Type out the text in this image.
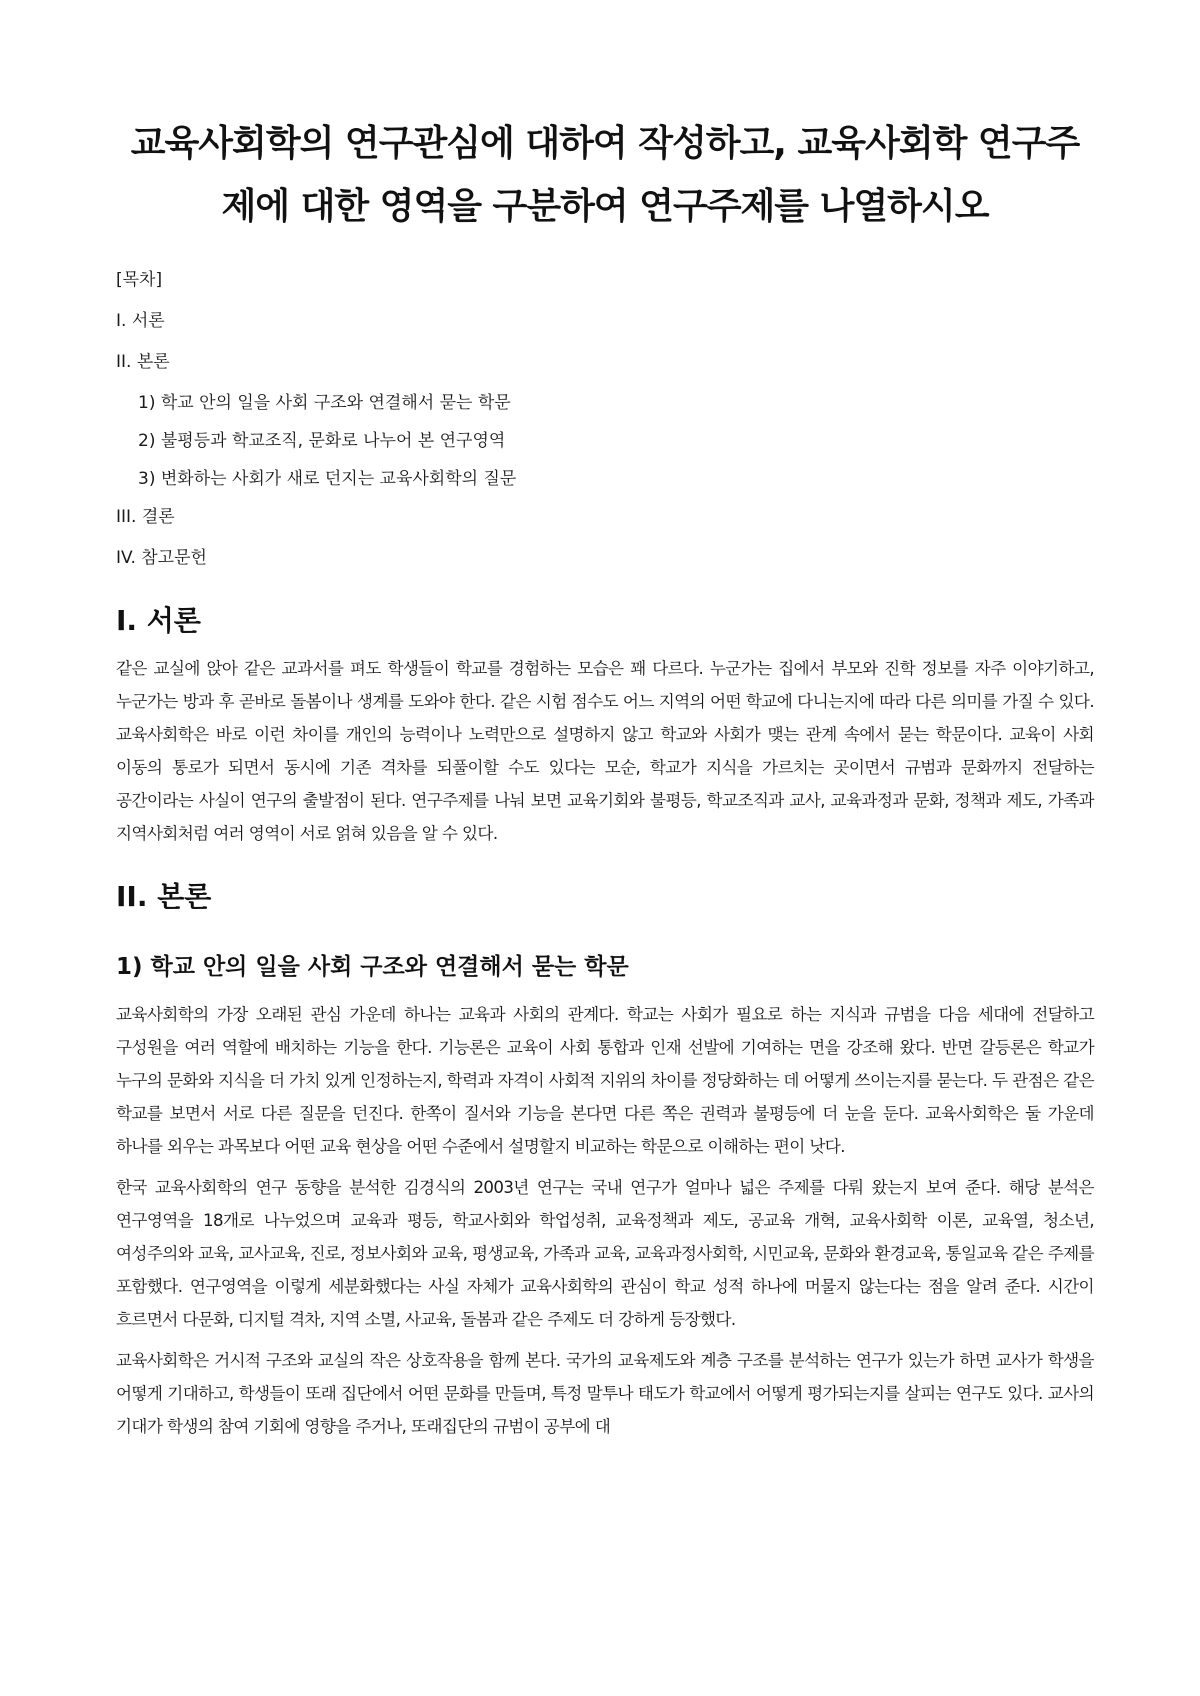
교육사회학의 연구관심에 대하여 작성하고, 교육사회학 연구주제에 대한 영역을 구분하여 연구주제를 나열하시오
[목차]
I. 서론
II. 본론
1) 학교 안의 일을 사회 구조와 연결해서 묻는 학문
2) 불평등과 학교조직, 문화로 나누어 본 연구영역
3) 변화하는 사회가 새로 던지는 교육사회학의 질문
III. 결론
IV. 참고문헌
I. 서론

같은 교실에 앉아 같은 교과서를 펴도 학생들이 학교를 경험하는 모습은 꽤 다르다. 누군가는 집에서 부모와 진학 정보를 자주 이야기하고, 누군가는 방과 후 곧바로 돌봄이나 생계를 도와야 한다. 같은 시험 점수도 어느 지역의 어떤 학교에 다니는지에 따라 다른 의미를 가질 수 있다. 교육사회학은 바로 이런 차이를 개인의 능력이나 노력만으로 설명하지 않고 학교와 사회가 맺는 관계 속에서 묻는 학문이다. 교육이 사회 이동의 통로가 되면서 동시에 기존 격차를 되풀이할 수도 있다는 모순, 학교가 지식을 가르치는 곳이면서 규범과 문화까지 전달하는 공간이라는 사실이 연구의 출발점이 된다. 연구주제를 나눠 보면 교육기회와 불평등, 학교조직과 교사, 교육과정과 문화, 정책과 제도, 가족과 지역사회처럼 여러 영역이 서로 얽혀 있음을 알 수 있다.

II. 본론
1) 학교 안의 일을 사회 구조와 연결해서 묻는 학문

교육사회학의 가장 오래된 관심 가운데 하나는 교육과 사회의 관계다. 학교는 사회가 필요로 하는 지식과 규범을 다음 세대에 전달하고 구성원을 여러 역할에 배치하는 기능을 한다. 기능론은 교육이 사회 통합과 인재 선발에 기여하는 면을 강조해 왔다. 반면 갈등론은 학교가 누구의 문화와 지식을 더 가치 있게 인정하는지, 학력과 자격이 사회적 지위의 차이를 정당화하는 데 어떻게 쓰이는지를 묻는다. 두 관점은 같은 학교를 보면서 서로 다른 질문을 던진다. 한쪽이 질서와 기능을 본다면 다른 쪽은 권력과 불평등에 더 눈을 둔다. 교육사회학은 둘 가운데 하나를 외우는 과목보다 어떤 교육 현상을 어떤 수준에서 설명할지 비교하는 학문으로 이해하는 편이 낫다.

한국 교육사회학의 연구 동향을 분석한 김경식의 2003년 연구는 국내 연구가 얼마나 넓은 주제를 다뤄 왔는지 보여 준다. 해당 분석은 연구영역을 18개로 나누었으며 교육과 평등, 학교사회와 학업성취, 교육정책과 제도, 공교육 개혁, 교육사회학 이론, 교육열, 청소년, 여성주의와 교육, 교사교육, 진로, 정보사회와 교육, 평생교육, 가족과 교육, 교육과정사회학, 시민교육, 문화와 환경교육, 통일교육 같은 주제를 포함했다. 연구영역을 이렇게 세분화했다는 사실 자체가 교육사회학의 관심이 학교 성적 하나에 머물지 않는다는 점을 알려 준다. 시간이 흐르면서 다문화, 디지털 격차, 지역 소멸, 사교육, 돌봄과 같은 주제도 더 강하게 등장했다.

교육사회학은 거시적 구조와 교실의 작은 상호작용을 함께 본다. 국가의 교육제도와 계층 구조를 분석하는 연구가 있는가 하면 교사가 학생을 어떻게 기대하고, 학생들이 또래 집단에서 어떤 문화를 만들며, 특정 말투나 태도가 학교에서 어떻게 평가되는지를 살피는 연구도 있다. 교사의 기대가 학생의 참여 기회에 영향을 주거나, 또래집단의 규범이 공부에 대
